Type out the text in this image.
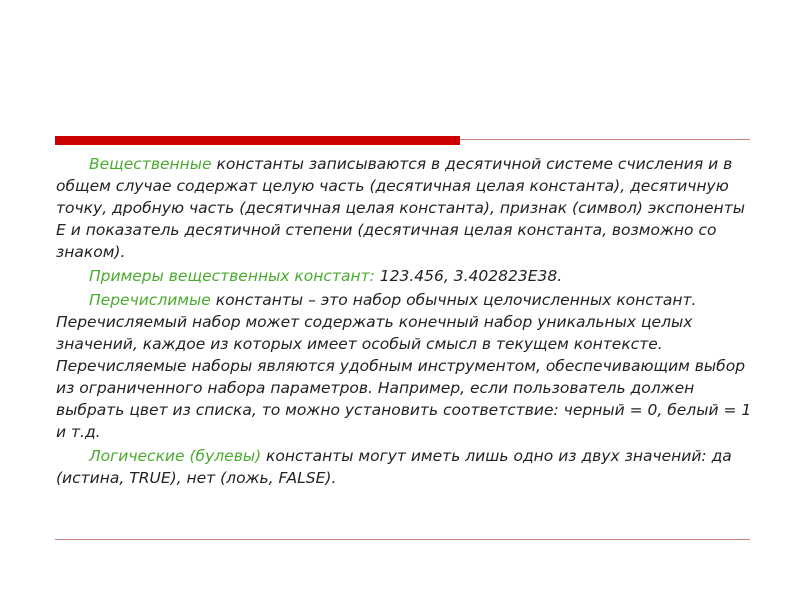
Вещественные константы записываются в десятичной системе счисления и в общем случае содержат целую часть (десятичная целая константа), десятичную точку, дробную часть (десятичная целая константа), признак (символ) экспоненты E и показатель десятичной степени (десятичная целая константа, возможно со знаком).

Примеры вещественных констант: 123.456, 3.402823E38.

Перечислимые константы – это набор обычных целочисленных констант. Перечисляемый набор может содержать конечный набор уникальных целых значений, каждое из которых имеет особый смысл в текущем контексте. Перечисляемые наборы являются удобным инструментом, обеспечивающим выбор из ограниченного набора параметров. Например, если пользователь должен выбрать цвет из списка, то можно установить соответствие: черный = 0, белый = 1 и т.д.

Логические (булевы) константы могут иметь лишь одно из двух значений: да (истина, TRUE), нет (ложь, FALSE).
